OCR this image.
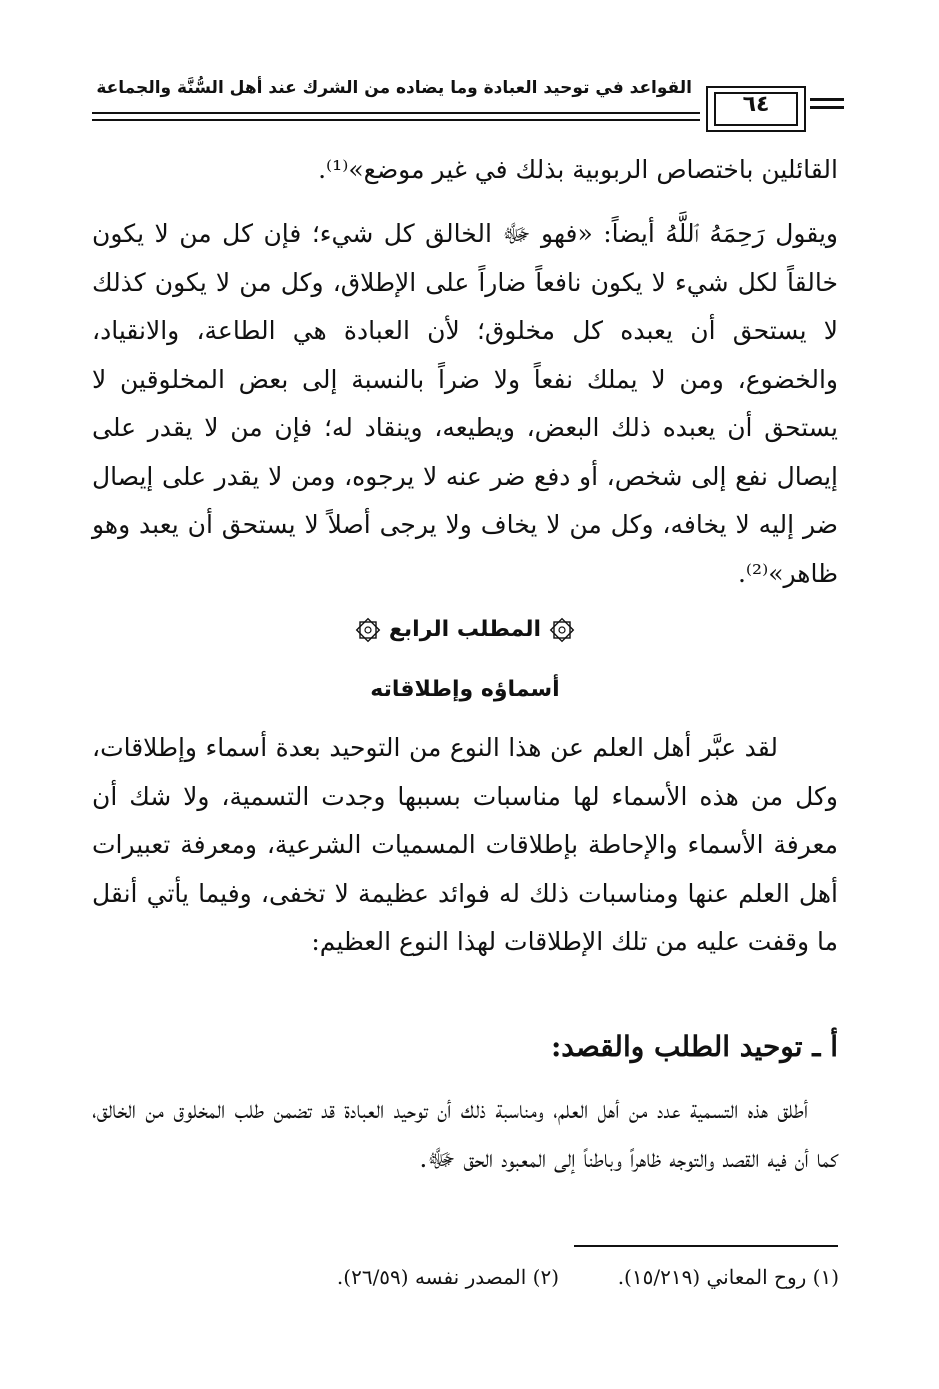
القواعد في توحيد العبادة وما يضاده من الشرك عند أهل السُّنَّة والجماعة
٦٤

القائلين باختصاص الربوبية بذلك في غير موضع»⁽¹⁾.

ويقول رَحِمَهُ ٱللَّهُ أيضاً: «فهو ﷻ الخالق كل شيء؛ فإن كل من لا يكون خالقاً لكل شيء لا يكون نافعاً ضاراً على الإطلاق، وكل من لا يكون كذلك لا يستحق أن يعبده كل مخلوق؛ لأن العبادة هي الطاعة، والانقياد، والخضوع، ومن لا يملك نفعاً ولا ضراً بالنسبة إلى بعض المخلوقين لا يستحق أن يعبده ذلك البعض، ويطيعه، وينقاد له؛ فإن من لا يقدر على إيصال نفع إلى شخص، أو دفع ضر عنه لا يرجوه، ومن لا يقدر على إيصال ضر إليه لا يخافه، وكل من لا يخاف ولا يرجى أصلاً لا يستحق أن يعبد وهو ظاهر»⁽²⁾.

المطلب الرابع
أسماؤه وإطلاقاته

لقد عبَّر أهل العلم عن هذا النوع من التوحيد بعدة أسماء وإطلاقات، وكل من هذه الأسماء لها مناسبات بسببها وجدت التسمية، ولا شك أن معرفة الأسماء والإحاطة بإطلاقات المسميات الشرعية، ومعرفة تعبيرات أهل العلم عنها ومناسبات ذلك له فوائد عظيمة لا تخفى، وفيما يأتي أنقل ما وقفت عليه من تلك الإطلاقات لهذا النوع العظيم:

أ ـ توحيد الطلب والقصد:

أطلق هذه التسمية عدد من أهل العلم، ومناسبة ذلك أن توحيد العبادة قد تضمن طلب المخلوق من الخالق، كما أن فيه القصد والتوجه ظاهراً وباطناً إلى المعبود الحق ﷻ.

(١) روح المعاني (١٥/٢١٩).
(٢) المصدر نفسه (٢٦/٥٩).
